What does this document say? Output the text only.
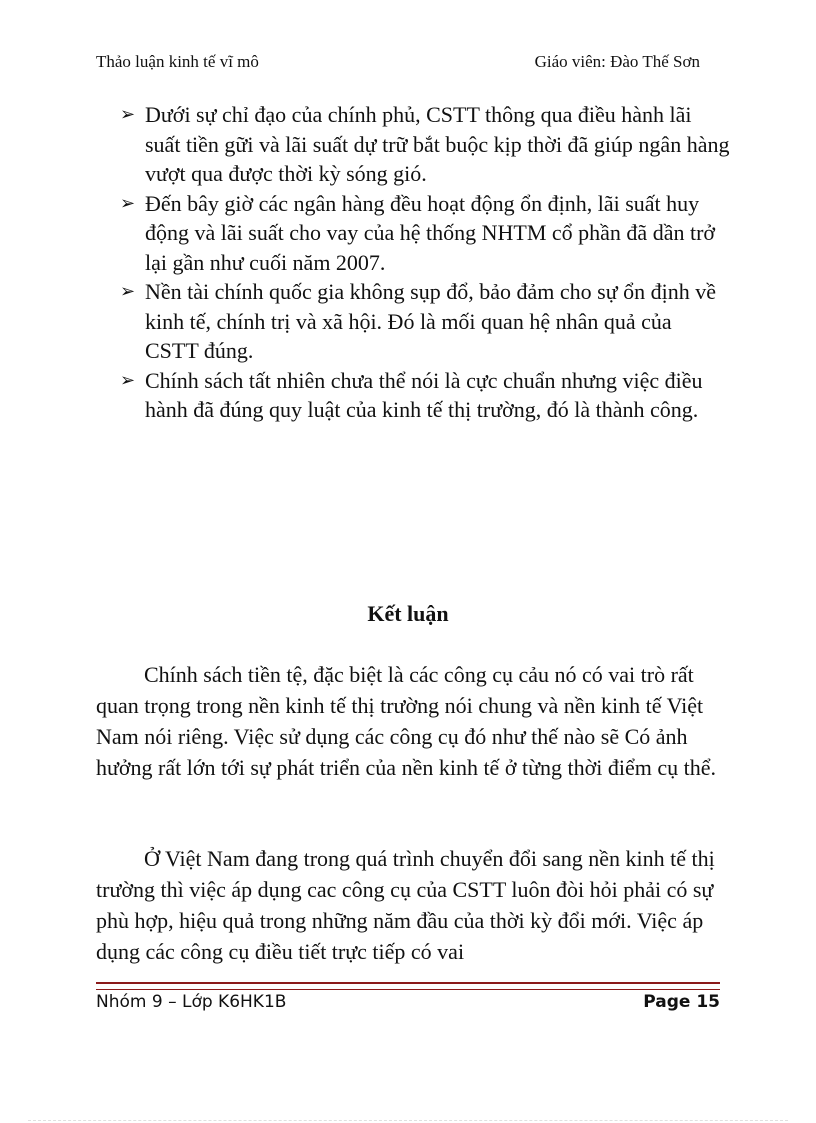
Thảo luận kinh tế vĩ mô	Giáo viên: Đào Thế Sơn
➢ Dưới sự chỉ đạo của chính phủ, CSTT thông qua điều hành lãi suất tiền gữi và lãi suất dự trữ bắt buộc kịp thời đã giúp ngân hàng vượt qua được thời kỳ sóng gió.
➢ Đến bây giờ các ngân hàng đều hoạt động ổn định, lãi suất huy động và lãi suất cho vay của hệ thống NHTM cổ phần đã dần trở lại gần như cuối năm 2007.
➢ Nền tài chính quốc gia không sụp đổ, bảo đảm cho sự ổn định về kinh tế, chính trị và xã hội. Đó là mối quan hệ nhân quả của CSTT đúng.
➢ Chính sách tất nhiên chưa thể nói là cực chuẩn nhưng việc điều hành đã đúng quy luật của kinh tế thị trường, đó là thành công.
Kết luận

Chính sách tiền tệ, đặc biệt là các công cụ cảu nó có vai trò rất quan trọng trong nền kinh tế thị trường nói chung và nền kinh tế Việt Nam nói riêng. Việc sử dụng các công cụ đó như thế nào sẽ Có ảnh hưởng rất lớn tới sự phát triển của nền kinh tế ở từng thời điểm cụ thể.

Ở Việt Nam đang trong quá trình chuyển đổi sang nền kinh tế thị trường thì việc áp dụng cac công cụ của CSTT luôn đòi hỏi phải có sự phù hợp, hiệu quả trong những năm đầu của thời kỳ đổi mới. Việc áp dụng các công cụ điều tiết trực tiếp có vai

Nhóm 9 – Lớp K6HK1B	Page 15
